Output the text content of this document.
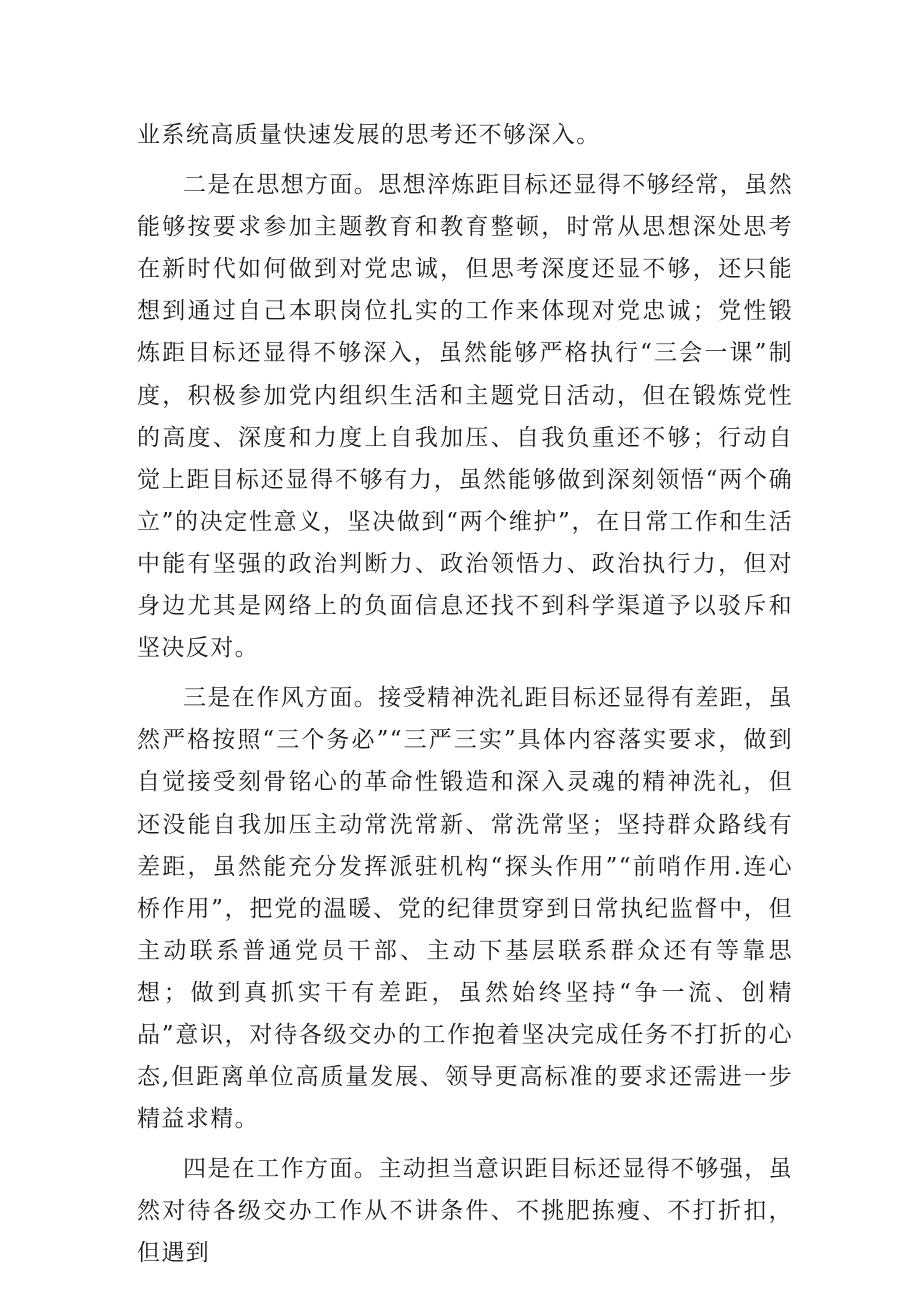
业系统高质量快速发展的思考还不够深入。

二是在思想方面。思想淬炼距目标还显得不够经常，虽然能够按要求参加主题教育和教育整顿，时常从思想深处思考在新时代如何做到对党忠诚，但思考深度还显不够，还只能想到通过自己本职岗位扎实的工作来体现对党忠诚；党性锻炼距目标还显得不够深入，虽然能够严格执行“三会一课”制度，积极参加党内组织生活和主题党日活动，但在锻炼党性的高度、深度和力度上自我加压、自我负重还不够；行动自觉上距目标还显得不够有力，虽然能够做到深刻领悟“两个确立”的决定性意义，坚决做到“两个维护”，在日常工作和生活中能有坚强的政治判断力、政治领悟力、政治执行力，但对身边尤其是网络上的负面信息还找不到科学渠道予以驳斥和坚决反对。

三是在作风方面。接受精神洗礼距目标还显得有差距，虽然严格按照“三个务必”“三严三实”具体内容落实要求，做到自觉接受刻骨铭心的革命性锻造和深入灵魂的精神洗礼，但还没能自我加压主动常洗常新、常洗常坚；坚持群众路线有差距，虽然能充分发挥派驻机构“探头作用”“前哨作用.连心桥作用”，把党的温暖、党的纪律贯穿到日常执纪监督中，但主动联系普通党员干部、主动下基层联系群众还有等靠思想；做到真抓实干有差距，虽然始终坚持“争一流、创精品”意识，对待各级交办的工作抱着坚决完成任务不打折的心态,但距离单位高质量发展、领导更高标准的要求还需进一步精益求精。

四是在工作方面。主动担当意识距目标还显得不够强，虽然对待各级交办工作从不讲条件、不挑肥拣瘦、不打折扣，但遇到
